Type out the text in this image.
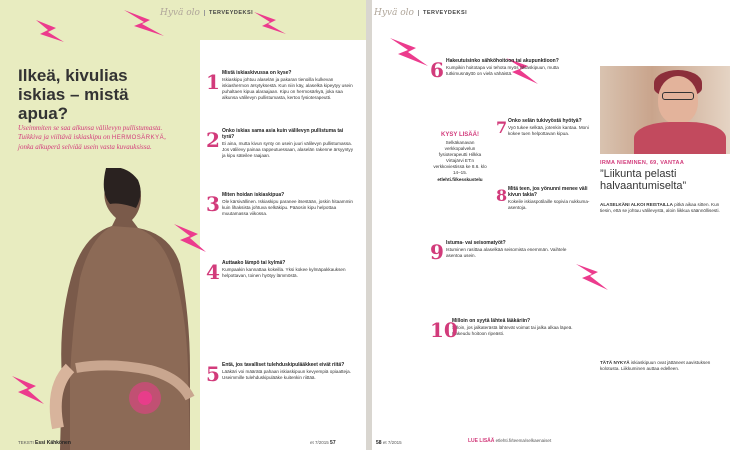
Hyvä olo	TERVEYDEKSI
Ilkeä, kivulias iskias – mistä apua?
Useimmiten se saa alkunsa välilevyn pullistumasta. Tuikkiva ja viiltävä iskiaskipu on HERMOSÄRKYÄ, jonka alkuperä selviää usein vasta kuvauksissa.
1 Mistä iskiaskivussa on kyse?
Iskiaskipu johtuu alaselän ja pakaran tienoilla kulkevan iskiashermon ärsytyksestä. Kun niin käy, alaselkä kipeytyy usein puhaltaen kipua alaraajaan. Kipu on hermosärkyä, joka saa alkunsa välilevyn pullistumasta, kertoo fysioterapeutti.
2 Onko iskias sama asia kuin välilevyn pullistuma tai tyrä?
Ei aina, mutta kivun synty on usein juuri välilevyn pullistumassa. Jos välilevy painaa rappeutuessaan, alaselän rakenne ärsyyntyy ja kipu säteilee raajaan.
3 Miten hoidan iskiaskipua?
Ole kärsivällinen. Iskiaskipu paranee itsestään, joskin hitaammin kuin lihaksista johtuva selkäkipu. Pääosin kipu helpottaa muutamassa viikossa.
4 Auttaako lämpö tai kylmä?
Kumpaakin kannattaa kokeilla. Yksi kokee kylmäpakkauksen helpottavan, toinen hyötyy lämmöstä.
5 Entä, jos tavalliset tulehduskipulääkkeet eivät riitä?
Lääkäri voi määrätä pahaan iskiaskipuun kevyempiä opiaatteja. Useimmille tulehduskipulääke kuitenkin riittää.
TEKSTI Essi Kähkönen	et 7/2015 57
Hyvä olo	TERVEYDEKSI
6 Hakeutuisinko sähköhoitoon tai akupunktioon?
Kumpikin hoitotapa voi tehota myös iskiaskipuun, mutta tutkimusnäyttö on vielä vähäistä.
KYSY LISÄÄ!
Selkäkanavan verkkopalvelun fysioterapeutti Hilkka Virtajärvi ET:n verkkoviestissä ke 8.6. klo 14–15.
etlehti.fi/kesskustelu
7 Onko selän tukivyöstä hyötyä?
Vyö tukee selkää, jotenkin kantaa. Moni kokee tuen helpottavan kipua.
8 Mitä teen, jos yönunni menee väli kivun takia?
Kokeile iskiaspotilaille sopivia nukkuma-asentoja.
9 Istuma- vai seisomatyöt?
Istuminen rasittaa alaselkää seisomista enemmän. Vaihtele asentoa usein.
10
Milloin on syytä lähteä lääkäriin?
Silloin, jos jalkaterästä lähtevät voimat tai jalka alkaa läpeä. Hakeudu hoitoon ripeästi.
IRMA NIEMINEN, 69, VANTAA
”Liikunta pelasti halvaantumiselta”
ALASELKÄNI ALKOI REISTAILLA pitkä aikaa sitten. Kun tiesin, että se johtuu välilevystä, aloin liikkua säännöllisesti.
TÄTÄ NYKYÄ iskiaskipuun ovat jättäneet aavistuksen kolotusta. Liikkuminen auttaa edelleen.
58 et 7/2015	LUE LISÄÄ etlehti.fi/teema/selkaenaiset
